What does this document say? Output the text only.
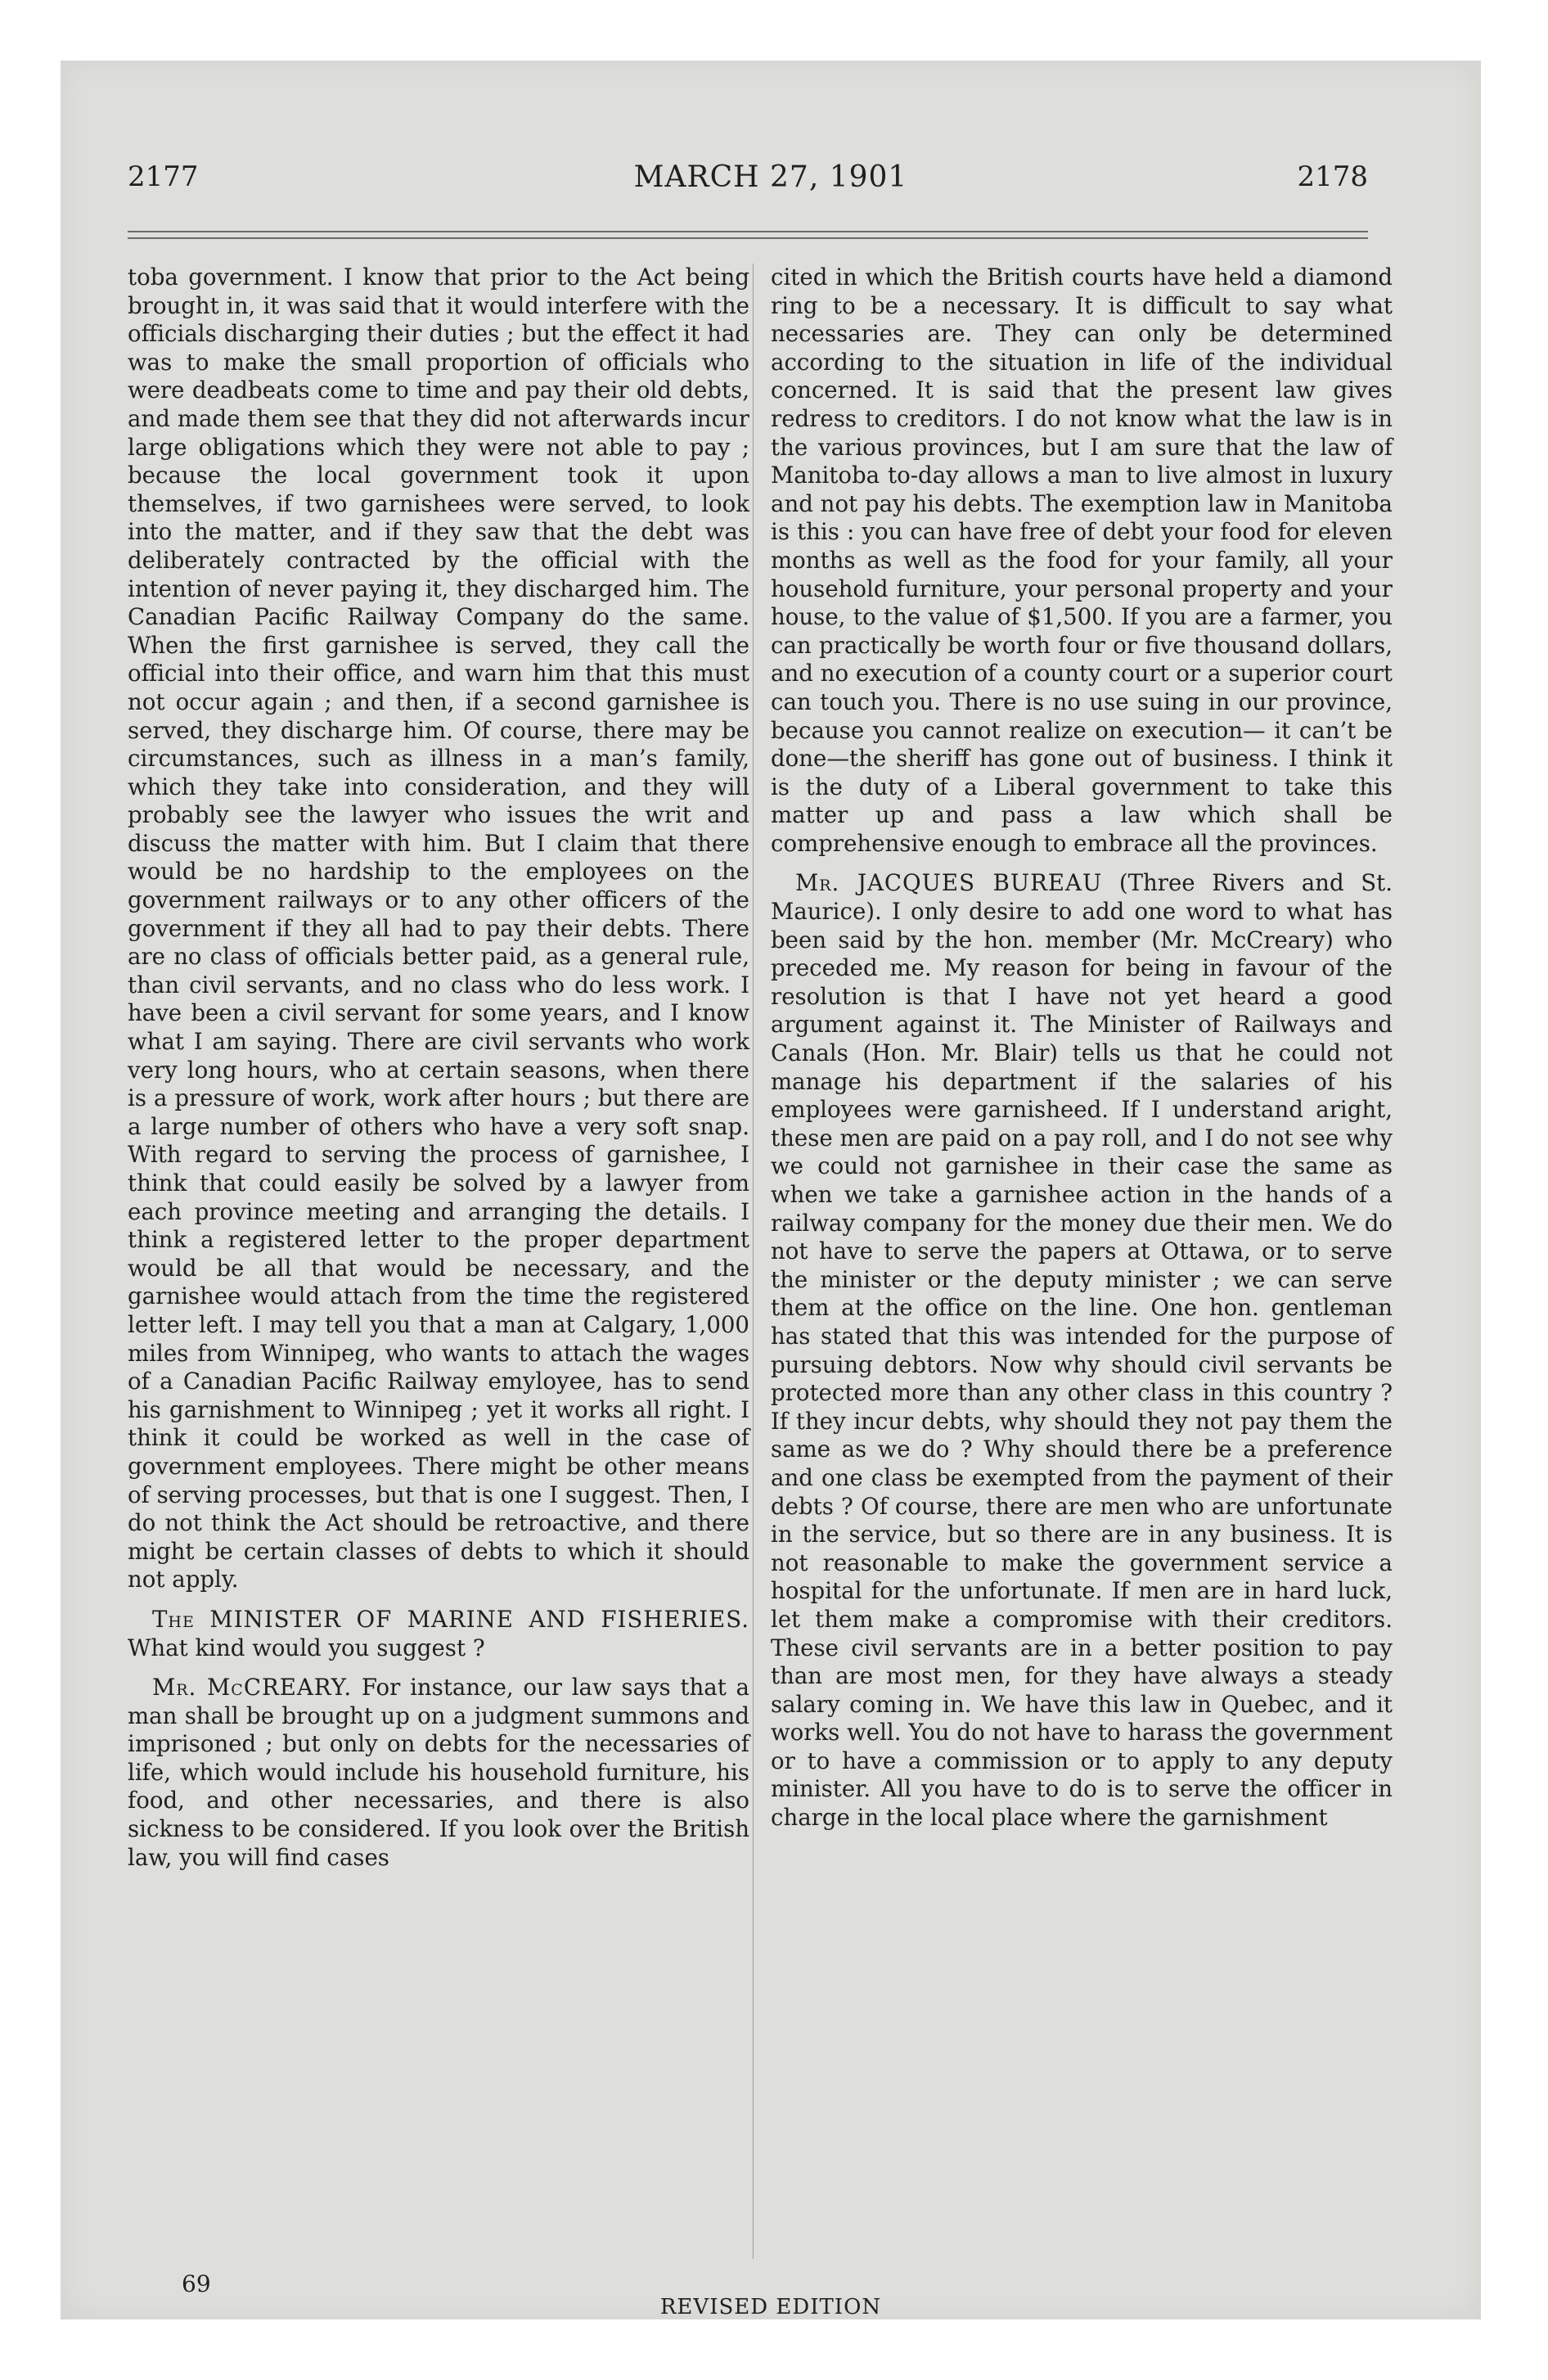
2177	MARCH 27, 1901	2178

toba government. I know that prior to the Act being brought in, it was said that it would interfere with the officials discharging their duties ; but the effect it had was to make the small proportion of officials who were deadbeats come to time and pay their old debts, and made them see that they did not afterwards incur large obligations which they were not able to pay ; because the local government took it upon themselves, if two garnishees were served, to look into the matter, and if they saw that the debt was deliberately contracted by the official with the intention of never paying it, they discharged him. The Canadian Pacific Railway Company do the same. When the first garnishee is served, they call the official into their office, and warn him that this must not occur again ; and then, if a second garnishee is served, they discharge him. Of course, there may be circumstances, such as illness in a man’s family, which they take into consideration, and they will probably see the lawyer who issues the writ and discuss the matter with him. But I claim that there would be no hardship to the employees on the government railways or to any other officers of the government if they all had to pay their debts. There are no class of officials better paid, as a general rule, than civil servants, and no class who do less work. I have been a civil servant for some years, and I know what I am saying. There are civil servants who work very long hours, who at certain seasons, when there is a pressure of work, work after hours ; but there are a large number of others who have a very soft snap. With regard to serving the process of garnishee, I think that could easily be solved by a lawyer from each province meeting and arranging the details. I think a registered letter to the proper department would be all that would be necessary, and the garnishee would attach from the time the registered letter left. I may tell you that a man at Calgary, 1,000 miles from Winnipeg, who wants to attach the wages of a Canadian Pacific Railway emyloyee, has to send his garnishment to Winnipeg ; yet it works all right. I think it could be worked as well in the case of government employees. There might be other means of serving processes, but that is one I suggest. Then, I do not think the Act should be retroactive, and there might be certain classes of debts to which it should not apply.

The MINISTER OF MARINE AND FISHERIES. What kind would you suggest ?

Mr. McCREARY. For instance, our law says that a man shall be brought up on a judgment summons and imprisoned ; but only on debts for the necessaries of life, which would include his household furniture, his food, and other necessaries, and there is also sickness to be considered. If you look over the British law, you will find cases

cited in which the British courts have held a diamond ring to be a necessary. It is difficult to say what necessaries are. They can only be determined according to the situation in life of the individual concerned. It is said that the present law gives redress to creditors. I do not know what the law is in the various provinces, but I am sure that the law of Manitoba to-day allows a man to live almost in luxury and not pay his debts. The exemption law in Manitoba is this : you can have free of debt your food for eleven months as well as the food for your family, all your household furniture, your personal property and your house, to the value of $1,500. If you are a farmer, you can practically be worth four or five thousand dollars, and no execution of a county court or a superior court can touch you. There is no use suing in our province, because you cannot realize on execution— it can’t be done—the sheriff has gone out of business. I think it is the duty of a Liberal government to take this matter up and pass a law which shall be comprehensive enough to embrace all the provinces.

Mr. JACQUES BUREAU (Three Rivers and St. Maurice). I only desire to add one word to what has been said by the hon. member (Mr. McCreary) who preceded me. My reason for being in favour of the resolution is that I have not yet heard a good argument against it. The Minister of Railways and Canals (Hon. Mr. Blair) tells us that he could not manage his department if the salaries of his employees were garnisheed. If I understand aright, these men are paid on a pay roll, and I do not see why we could not garnishee in their case the same as when we take a garnishee action in the hands of a railway company for the money due their men. We do not have to serve the papers at Ottawa, or to serve the minister or the deputy minister ; we can serve them at the office on the line. One hon. gentleman has stated that this was intended for the purpose of pursuing debtors. Now why should civil servants be protected more than any other class in this country ? If they incur debts, why should they not pay them the same as we do ? Why should there be a preference and one class be exempted from the payment of their debts ? Of course, there are men who are unfortunate in the service, but so there are in any business. It is not reasonable to make the government service a hospital for the unfortunate. If men are in hard luck, let them make a compromise with their creditors. These civil servants are in a better position to pay than are most men, for they have always a steady salary coming in. We have this law in Quebec, and it works well. You do not have to harass the government or to have a commission or to apply to any deputy minister. All you have to do is to serve the officer in charge in the local place where the garnishment

69
REVISED EDITION
